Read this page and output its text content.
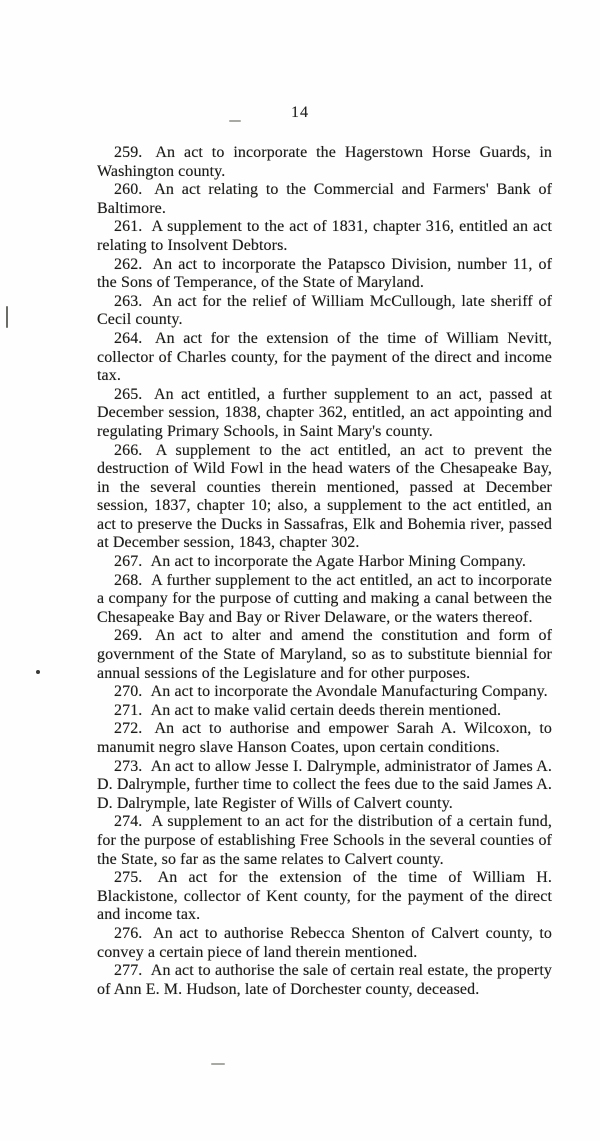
14

259. An act to incorporate the Hagerstown Horse Guards, in Washington county.

260. An act relating to the Commercial and Farmers' Bank of Baltimore.

261. A supplement to the act of 1831, chapter 316, entitled an act relating to Insolvent Debtors.

262. An act to incorporate the Patapsco Division, number 11, of the Sons of Temperance, of the State of Maryland.

263. An act for the relief of William McCullough, late sheriff of Cecil county.

264. An act for the extension of the time of William Nevitt, collector of Charles county, for the payment of the direct and income tax.

265. An act entitled, a further supplement to an act, passed at December session, 1838, chapter 362, entitled, an act appointing and regulating Primary Schools, in Saint Mary's county.

266. A supplement to the act entitled, an act to prevent the destruction of Wild Fowl in the head waters of the Chesapeake Bay, in the several counties therein mentioned, passed at December session, 1837, chapter 10; also, a supplement to the act entitled, an act to preserve the Ducks in Sassafras, Elk and Bohemia river, passed at December session, 1843, chapter 302.

267. An act to incorporate the Agate Harbor Mining Company.

268. A further supplement to the act entitled, an act to incorporate a company for the purpose of cutting and making a canal between the Chesapeake Bay and Bay or River Delaware, or the waters thereof.

269. An act to alter and amend the constitution and form of government of the State of Maryland, so as to substitute biennial for annual sessions of the Legislature and for other purposes.

270. An act to incorporate the Avondale Manufacturing Company.

271. An act to make valid certain deeds therein mentioned.

272. An act to authorise and empower Sarah A. Wilcoxon, to manumit negro slave Hanson Coates, upon certain conditions.

273. An act to allow Jesse I. Dalrymple, administrator of James A. D. Dalrymple, further time to collect the fees due to the said James A. D. Dalrymple, late Register of Wills of Calvert county.

274. A supplement to an act for the distribution of a certain fund, for the purpose of establishing Free Schools in the several counties of the State, so far as the same relates to Calvert county.

275. An act for the extension of the time of William H. Blackistone, collector of Kent county, for the payment of the direct and income tax.

276. An act to authorise Rebecca Shenton of Calvert county, to convey a certain piece of land therein mentioned.

277. An act to authorise the sale of certain real estate, the property of Ann E. M. Hudson, late of Dorchester county, deceased.
